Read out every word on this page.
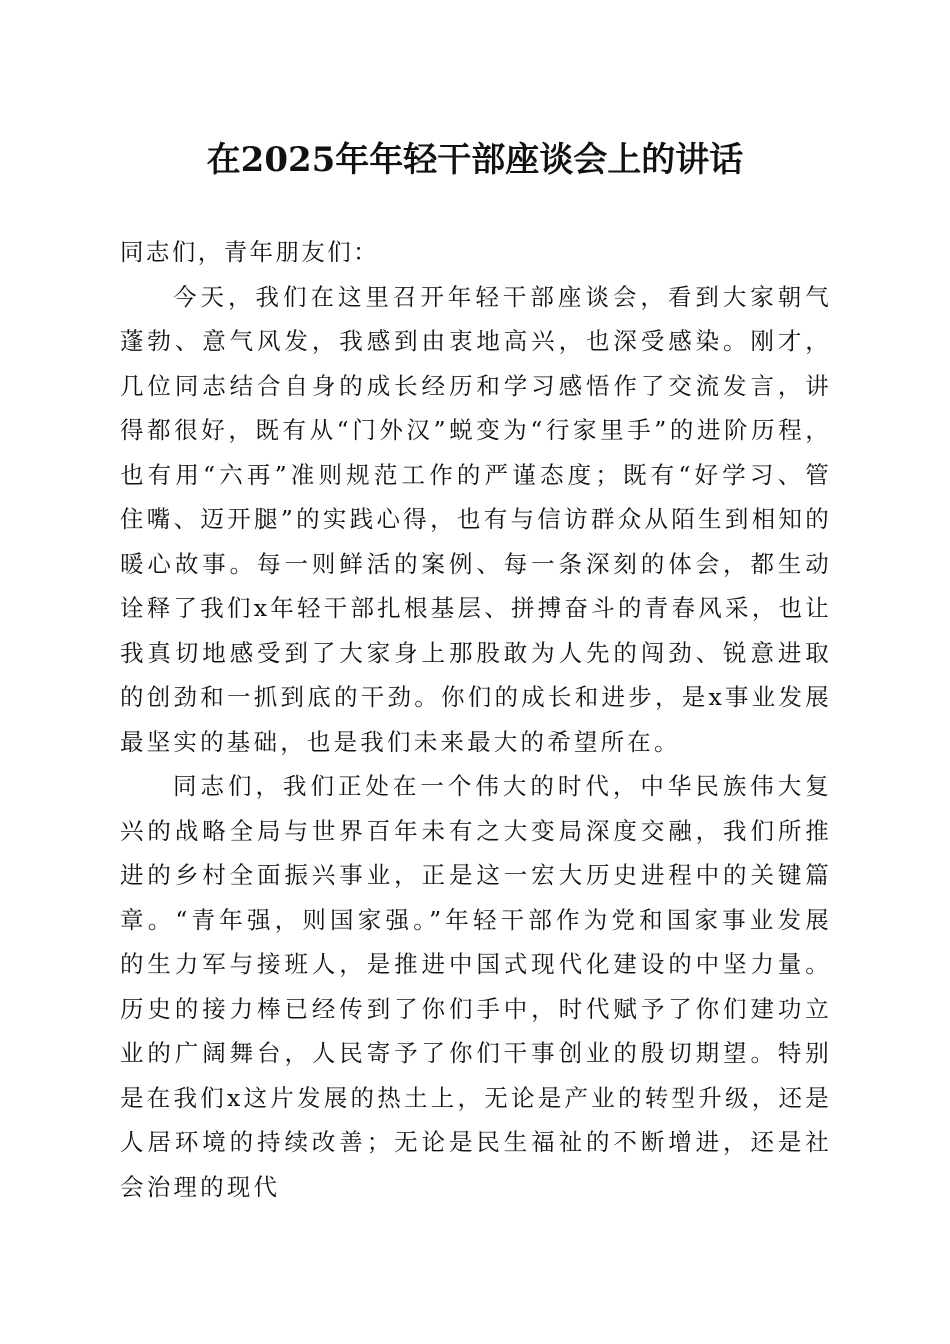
在2025年年轻干部座谈会上的讲话

同志们，青年朋友们：

今天，我们在这里召开年轻干部座谈会，看到大家朝气蓬勃、意气风发，我感到由衷地高兴，也深受感染。刚才，几位同志结合自身的成长经历和学习感悟作了交流发言，讲得都很好，既有从“门外汉”蜕变为“行家里手”的进阶历程，也有用“六再”准则规范工作的严谨态度；既有“好学习、管住嘴、迈开腿”的实践心得，也有与信访群众从陌生到相知的暖心故事。每一则鲜活的案例、每一条深刻的体会，都生动诠释了我们x年轻干部扎根基层、拼搏奋斗的青春风采，也让我真切地感受到了大家身上那股敢为人先的闯劲、锐意进取的创劲和一抓到底的干劲。你们的成长和进步，是x事业发展最坚实的基础，也是我们未来最大的希望所在。

同志们，我们正处在一个伟大的时代，中华民族伟大复兴的战略全局与世界百年未有之大变局深度交融，我们所推进的乡村全面振兴事业，正是这一宏大历史进程中的关键篇章。“青年强，则国家强。”年轻干部作为党和国家事业发展的生力军与接班人，是推进中国式现代化建设的中坚力量。历史的接力棒已经传到了你们手中，时代赋予了你们建功立业的广阔舞台，人民寄予了你们干事创业的殷切期望。特别是在我们x这片发展的热土上，无论是产业的转型升级，还是人居环境的持续改善；无论是民生福祉的不断增进，还是社会治理的现代
